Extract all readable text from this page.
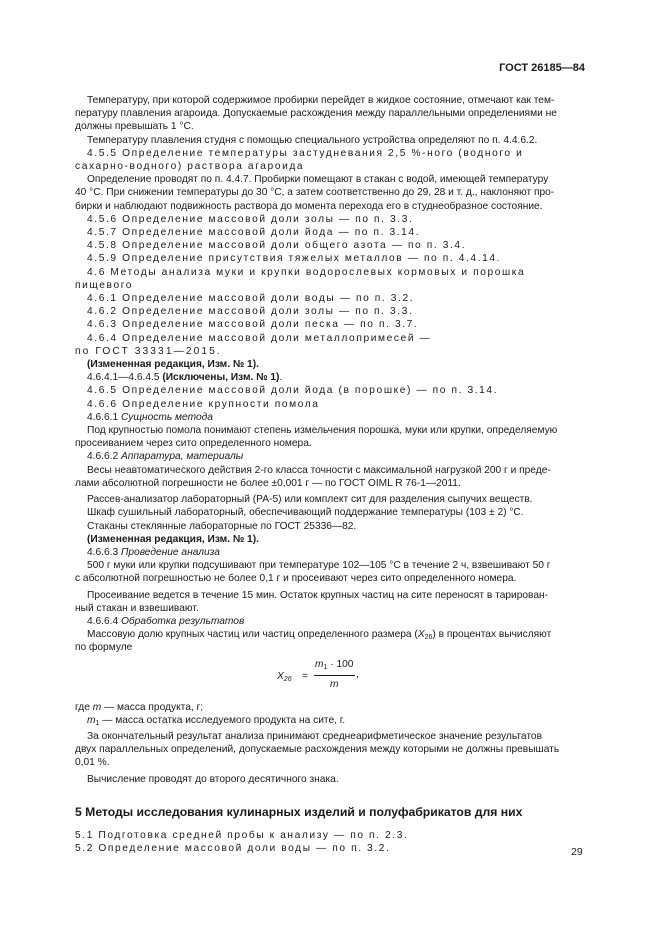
ГОСТ 26185—84

Температуру, при которой содержимое пробирки перейдет в жидкое состояние, отмечают как тем-

пературу плавления агароида. Допускаемые расхождения между параллельными определениями не

должны превышать 1 °С.

Температуру плавления студня с помощью специального устройства определяют по п. 4.4.6.2.

4.5.5 Определение температуры застудневания 2,5 %-ного (водного и

сахарно-водного) раствора агароида

Определение проводят по п. 4.4.7. Пробирки помещают в стакан с водой, имеющей температуру

40 °С. При снижении температуры до 30 °С, а затем соответственно до 29, 28 и т. д., наклоняют про-

бирки и наблюдают подвижность раствора до момента перехода его в студнеобразное состояние.

4.5.6 Определение массовой доли золы — по п. 3.3.

4.5.7 Определение массовой доли йода — по п. 3.14.

4.5.8 Определение массовой доли общего азота — по п. 3.4.

4.5.9 Определение присутствия тяжелых металлов — по п. 4.4.14.

4.6 Методы анализа муки и крупки водорослевых кормовых и порошка

пищевого

4.6.1 Определение массовой доли воды — по п. 3.2.

4.6.2 Определение массовой доли золы — по п. 3.3.

4.6.3 Определение массовой доли песка — по п. 3.7.

4.6.4 Определение массовой доли металлопримесей —

по ГОСТ 33331—2015.

(Измененная редакция, Изм. № 1).

4.6.4.1—4.6.4.5 (Исключены, Изм. № 1).

4.6.5 Определение массовой доли йода (в порошке) — по п. 3.14.

4.6.6 Определение крупности помола

4.6.6.1 Сущность метода

Под крупностью помола понимают степень измельчения порошка, муки или крупки, определяемую

просеиванием через сито определенного номера.

4.6.6.2 Аппаратура, материалы

Весы неавтоматического действия 2-го класса точности с максимальной нагрузкой 200 г и преде-

лами абсолютной погрешности не более ±0,001 г — по ГОСТ OIML R 76-1—2011.

Рассев-анализатор лабораторный (РА-5) или комплект сит для разделения сыпучих веществ.

Шкаф сушильный лабораторный, обеспечивающий поддержание температуры (103 ± 2) °С.

Стаканы стеклянные лабораторные по ГОСТ 25336—82.

(Измененная редакция, Изм. № 1).

4.6.6.3 Проведение анализа

500 г муки или крупки подсушивают при температуре 102—105 °С в течение 2 ч, взвешивают 50 г

с абсолютной погрешностью не более 0,1 г и просеивают через сито определенного номера.

Просеивание ведется в течение 15 мин. Остаток крупных частиц на сите переносят в тарирован-

ный стакан и взвешивают.

4.6.6.4 Обработка результатов

Массовую долю крупных частиц или частиц определенного размера $(X_{26})$ в процентах вычисляют

по формуле

$X_{26}$ =
$m_1 \cdot 100$
m
,

где m — масса продукта, г;

$m_1$ — масса остатка исследуемого продукта на сите, г.

За окончательный результат анализа принимают среднеарифметическое значение результатов

двух параллельных определений, допускаемые расхождения между которыми не должны превышать

0,01 %.

Вычисление проводят до второго десятичного знака.

5 Методы исследования кулинарных изделий и полуфабрикатов для них

5.1 Подготовка средней пробы к анализу — по п. 2.3.

5.2 Определение массовой доли воды — по п. 3.2.	29
